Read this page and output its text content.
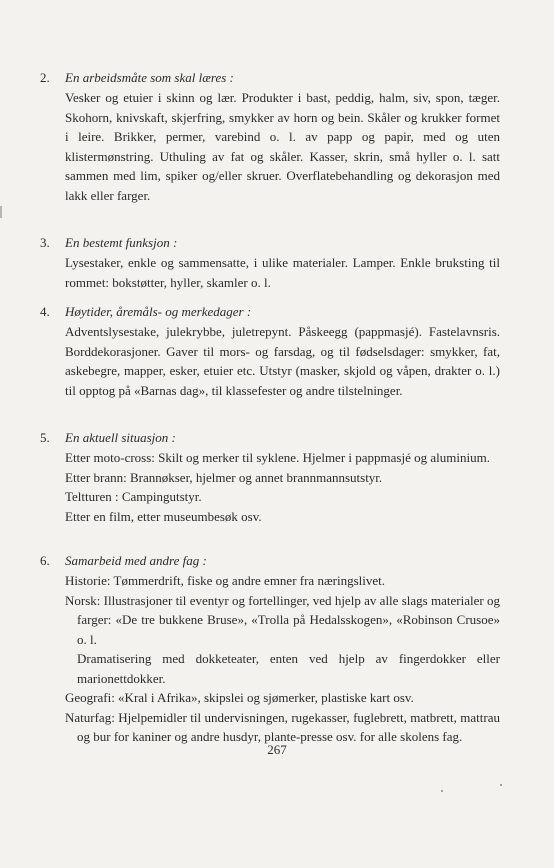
2. En arbeidsmåte som skal læres :

Vesker og etuier i skinn og lær. Produkter i bast, peddig, halm, siv, spon, tæger. Skohorn, knivskaft, skjerfring, smykker av horn og bein. Skåler og krukker formet i leire. Brikker, permer, varebind o. l. av papp og papir, med og uten klistermønstring. Uthuling av fat og skåler. Kasser, skrin, små hyller o. l. satt sammen med lim, spiker og/eller skruer. Overflatebehandling og dekorasjon med lakk eller farger.

3. En bestemt funksjon :

Lysestaker, enkle og sammensatte, i ulike materialer. Lamper. Enkle bruksting til rommet: bokstøtter, hyller, skamler o. l.

4. Høytider, åremåls- og merkedager :

Adventslysestake, julekrybbe, juletrepynt. Påskeegg (pappmasjé). Fastelavnsris. Borddekorasjoner. Gaver til mors- og farsdag, og til fødselsdager: smykker, fat, askebegre, mapper, esker, etuier etc. Utstyr (masker, skjold og våpen, drakter o. l.) til opptog på «Barnas dag», til klassefester og andre tilstelninger.

5. En aktuell situasjon :

Etter moto-cross: Skilt og merker til syklene. Hjelmer i pappmasjé og aluminium.

Etter brann: Brannøkser, hjelmer og annet brannmannsutstyr.

Teltturen : Campingutstyr.

Etter en film, etter museumbesøk osv.

6. Samarbeid med andre fag :

Historie: Tømmerdrift, fiske og andre emner fra næringslivet.

Norsk: Illustrasjoner til eventyr og fortellinger, ved hjelp av alle slags materialer og farger: «De tre bukkene Bruse», «Trolla på Hedalsskogen», «Robinson Crusoe» o. l.

Dramatisering med dokketeater, enten ved hjelp av fingerdokker eller marionettdokker.

Geografi: «Kral i Afrika», skipslei og sjømerker, plastiske kart osv.

Naturfag: Hjelpemidler til undervisningen, rugekasser, fuglebrett, matbrett, mattrau og bur for kaniner og andre husdyr, plante-presse osv. for alle skolens fag.

267
